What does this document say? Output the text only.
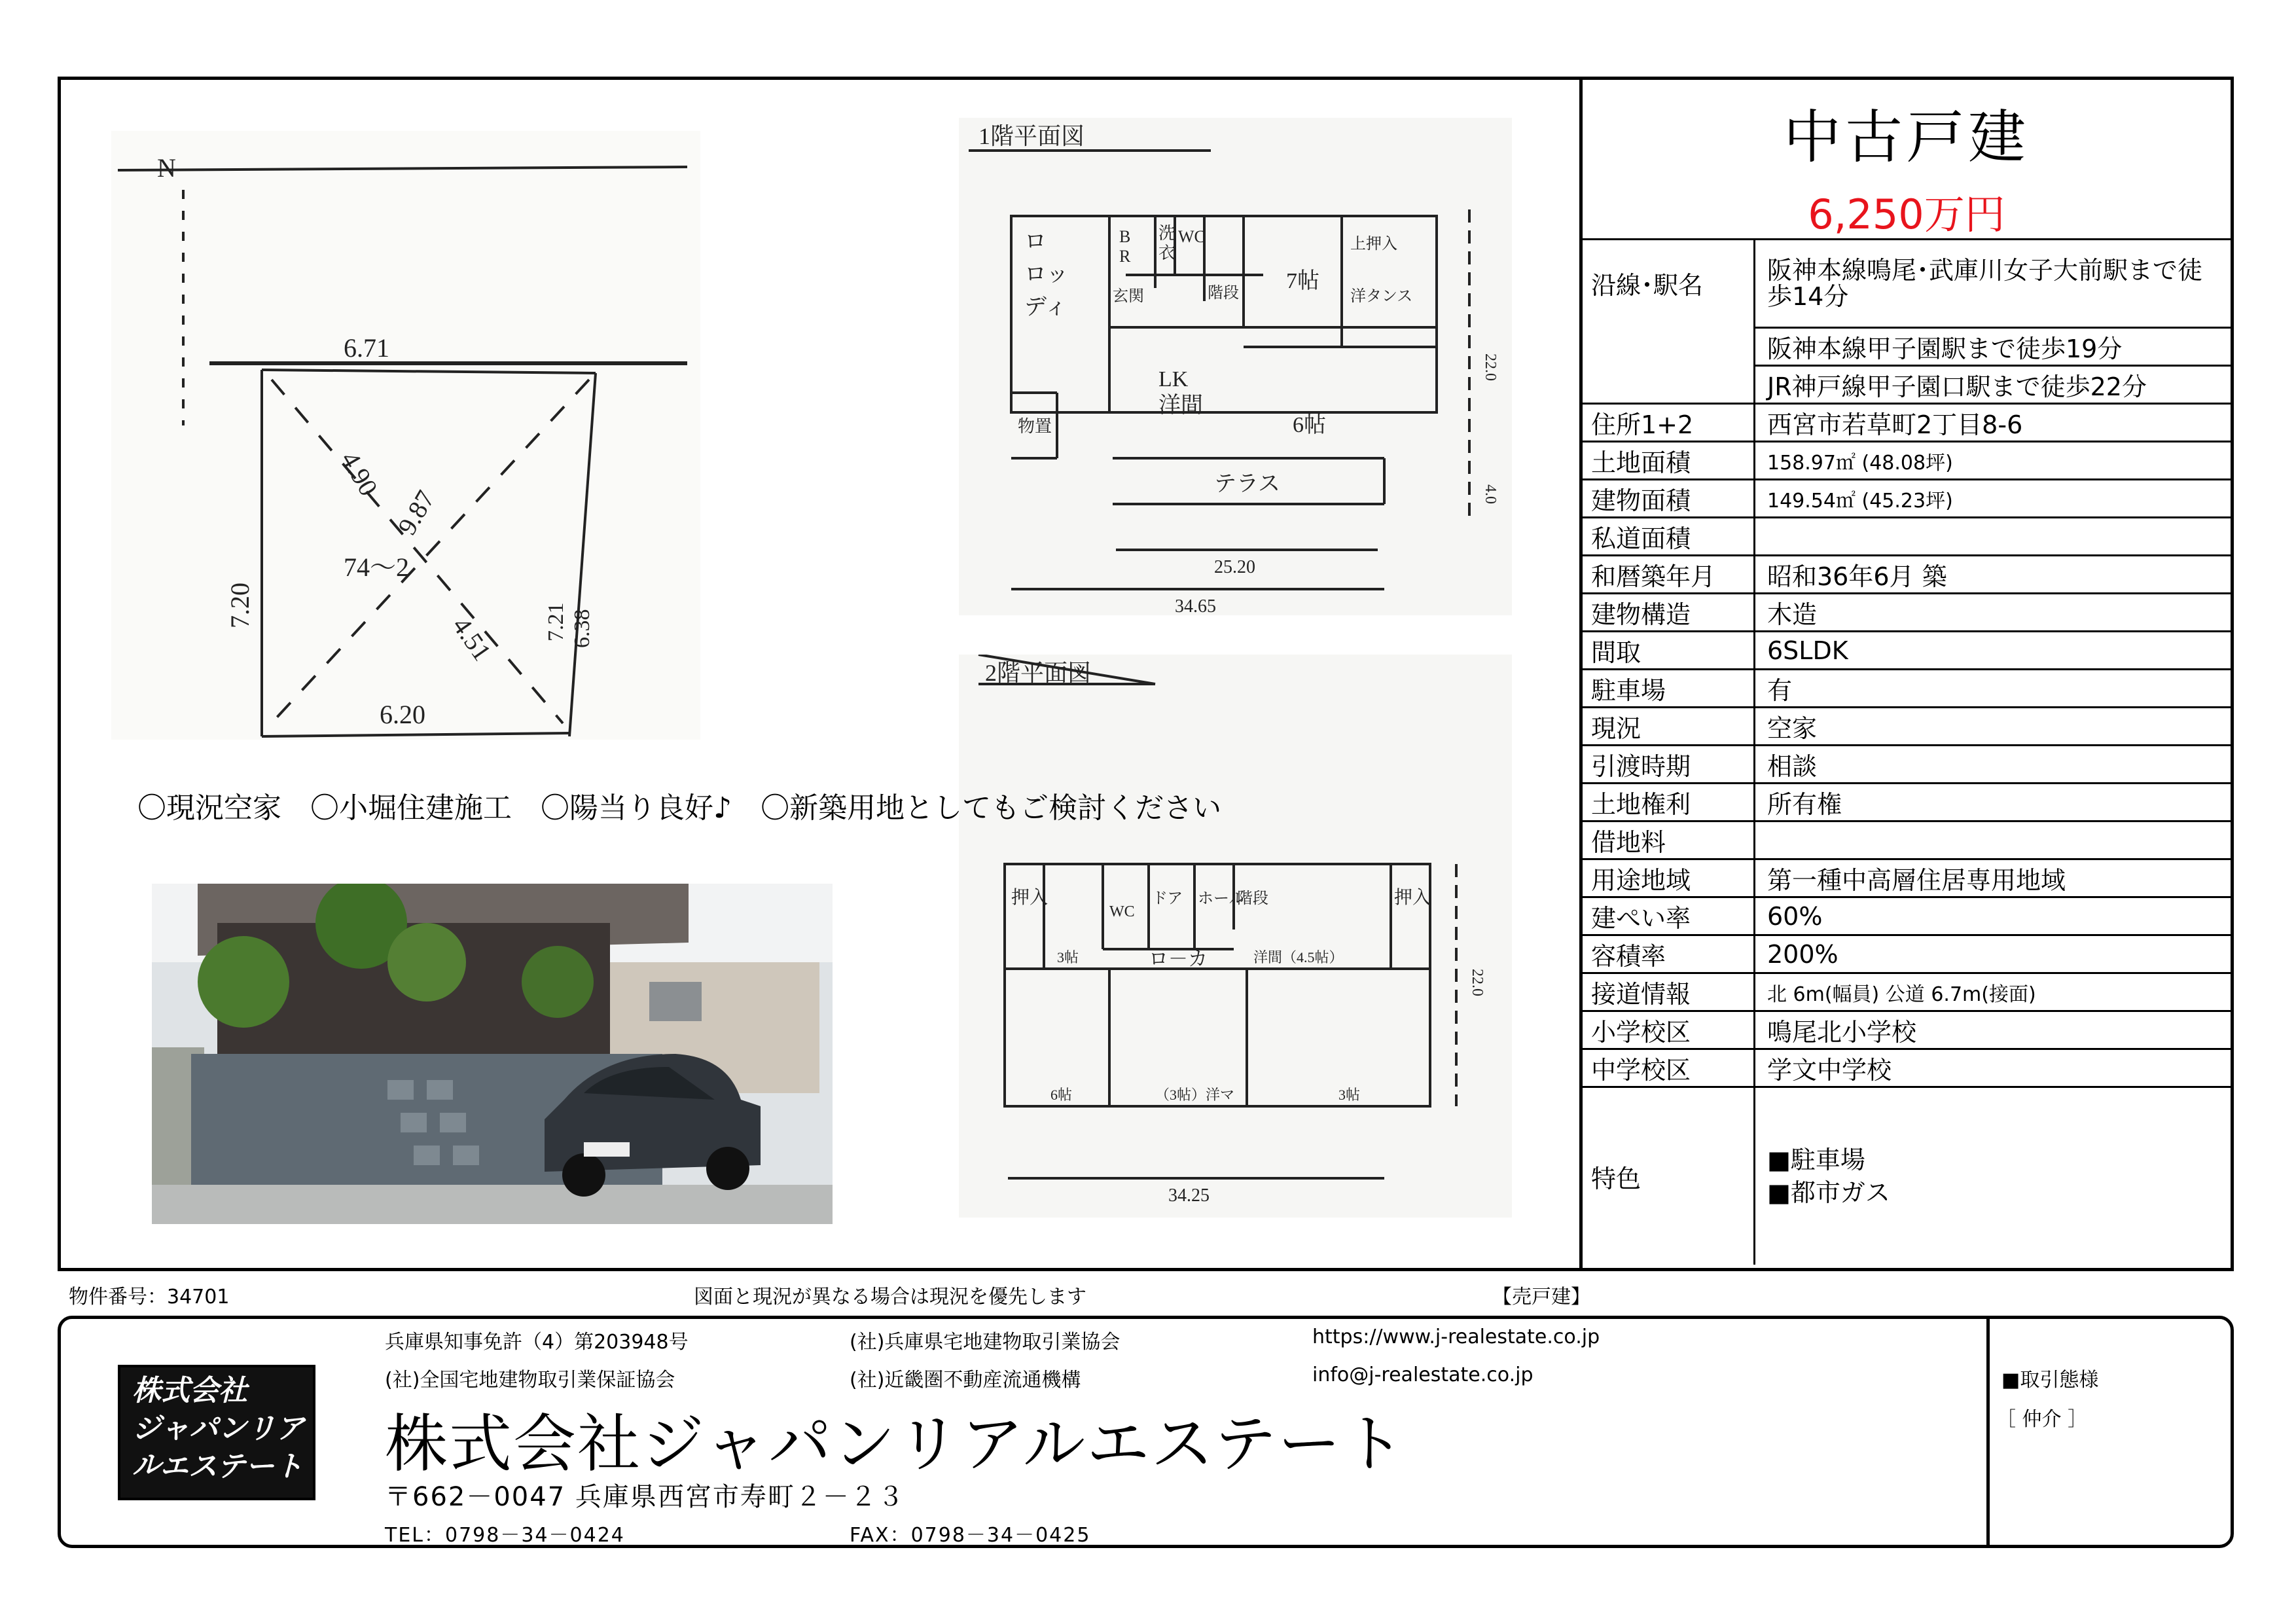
中古戸建
6,250万円
沿線･駅名	阪神本線鳴尾･武庫川女子大前駅まで徒歩14分
	阪神本線甲子園駅まで徒歩19分
	JR神戸線甲子園口駅まで徒歩22分
住所1+2	西宮市若草町2丁目8-6
土地面積	158.97㎡ (48.08坪)
建物面積	149.54㎡ (45.23坪)
私道面積	
和暦築年月	昭和36年6月 築
建物構造	木造
間取	6SLDK
駐車場	有
現況	空家
引渡時期	相談
土地権利	所有権
借地料	
用途地域	第一種中高層住居専用地域
建ぺい率	60%
容積率	200%
接道情報	北 6m(幅員) 公道 6.7m(接面)
小学校区	鳴尾北小学校
中学校区	学文中学校
特色	■駐車場
■都市ガス
N
6.71
4.90
9.87
74～2
4.51
7.20	7.21 6.38
6.20
1階平面図
ロ
ロッ
ディ
B
R
洗
衣
WC
玄関	階段 7帖
上押入
洋タンス
LK
洋間
6帖
物置
テラス
22.0
4.0
25.20
34.65
2階平面図
押入
WC
ドア ホール
階段	押入
3帖	ロ－カ	洋間（4.5帖）
6帖	（3帖）洋マ	3帖
22.0
34.25
〇現況空家　〇小堀住建施工　〇陽当り良好♪　〇新築用地としてもご検討ください
物件番号：34701	図面と現況が異なる場合は現況を優先します	【売戸建】
株式会社
ジャパンリアル
エステート
兵庫県知事免許（4）第203948号	(社)兵庫県宅地建物取引業協会	https://www.j-realestate.co.jp
(社)全国宅地建物取引業保証協会	(社)近畿圏不動産流通機構	info@j-realestate.co.jp
株式会社ジャパンリアルエステート
〒662－0047 兵庫県西宮市寿町２－２３
TEL：0798－34－0424	FAX：0798－34－0425
■取引態様
［ 仲介 ］
